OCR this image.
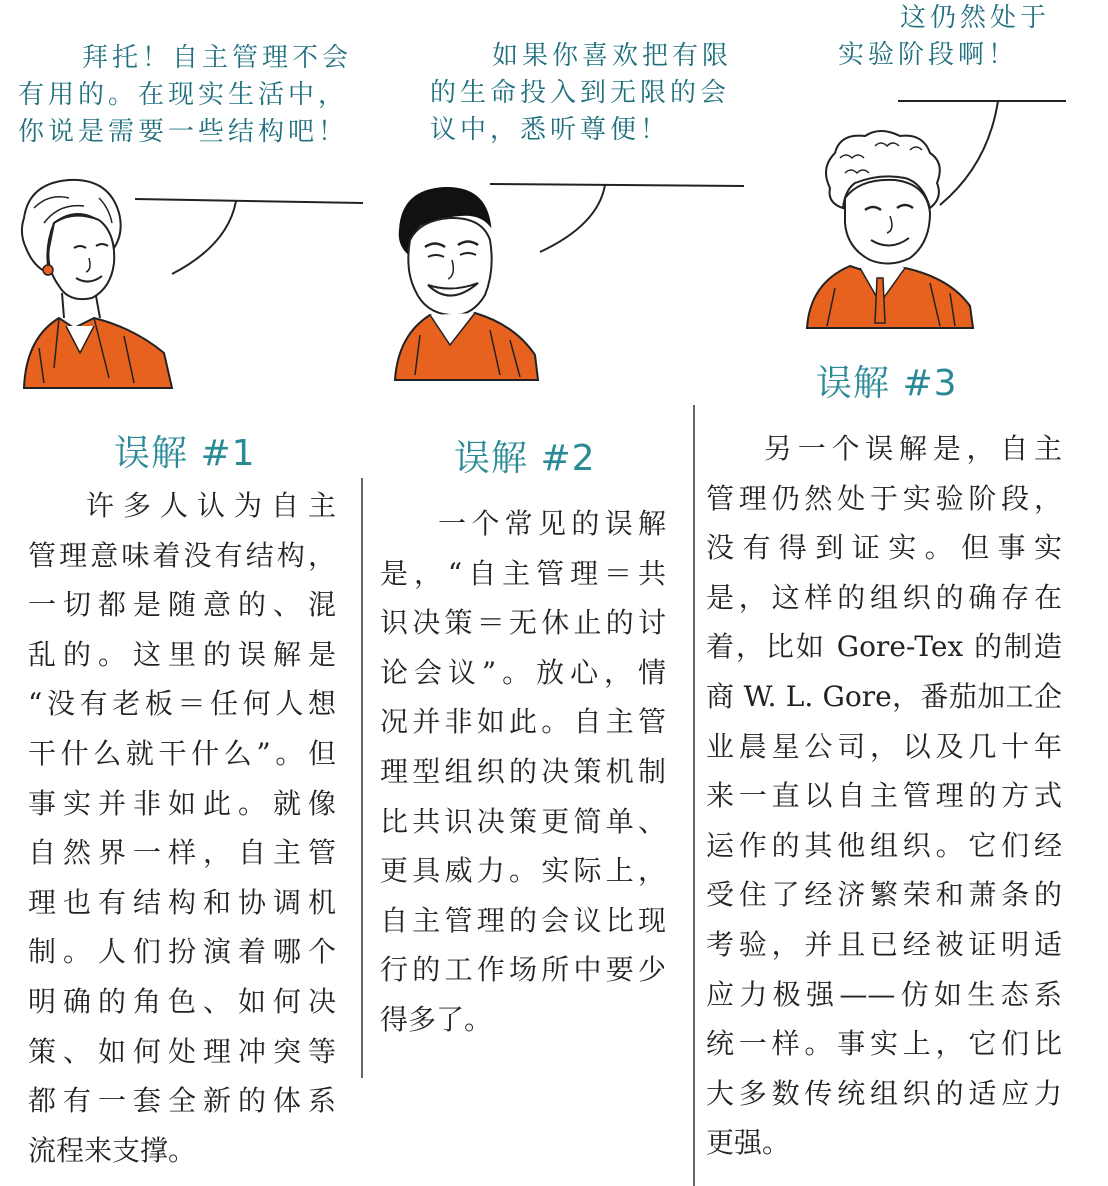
拜托！自主管理不会
有用的。在现实生活中，
你说是需要一些结构吧！
如果你喜欢把有限
的生命投入到无限的会
议中，悉听尊便！
这仍然处于
实验阶段啊！
误解 #1	误解 #2
误解 #3
许多人认为自主
管理意味着没有结构，
一切都是随意的、混
乱的。这里的误解是
“没有老板＝任何人想
干什么就干什么”。但
事实并非如此。就像
自然界一样，自主管
理也有结构和协调机
制。人们扮演着哪个
明确的角色、如何决
策、如何处理冲突等
都有一套全新的体系
流程来支撑。
一个常见的误解
是，“自主管理＝共
识决策＝无休止的讨
论会议”。放心，情
况并非如此。自主管
理型组织的决策机制
比共识决策更简单、
更具威力。实际上，
自主管理的会议比现
行的工作场所中要少
得多了。
另一个误解是，自主
管理仍然处于实验阶段，
没有得到证实。但事实
是，这样的组织的确存在
着，比如 Gore-Tex 的制造
商 W. L. Gore，番茄加工企
业晨星公司，以及几十年
来一直以自主管理的方式
运作的其他组织。它们经
受住了经济繁荣和萧条的
考验，并且已经被证明适
应力极强——仿如生态系
统一样。事实上，它们比
大多数传统组织的适应力
更强。
